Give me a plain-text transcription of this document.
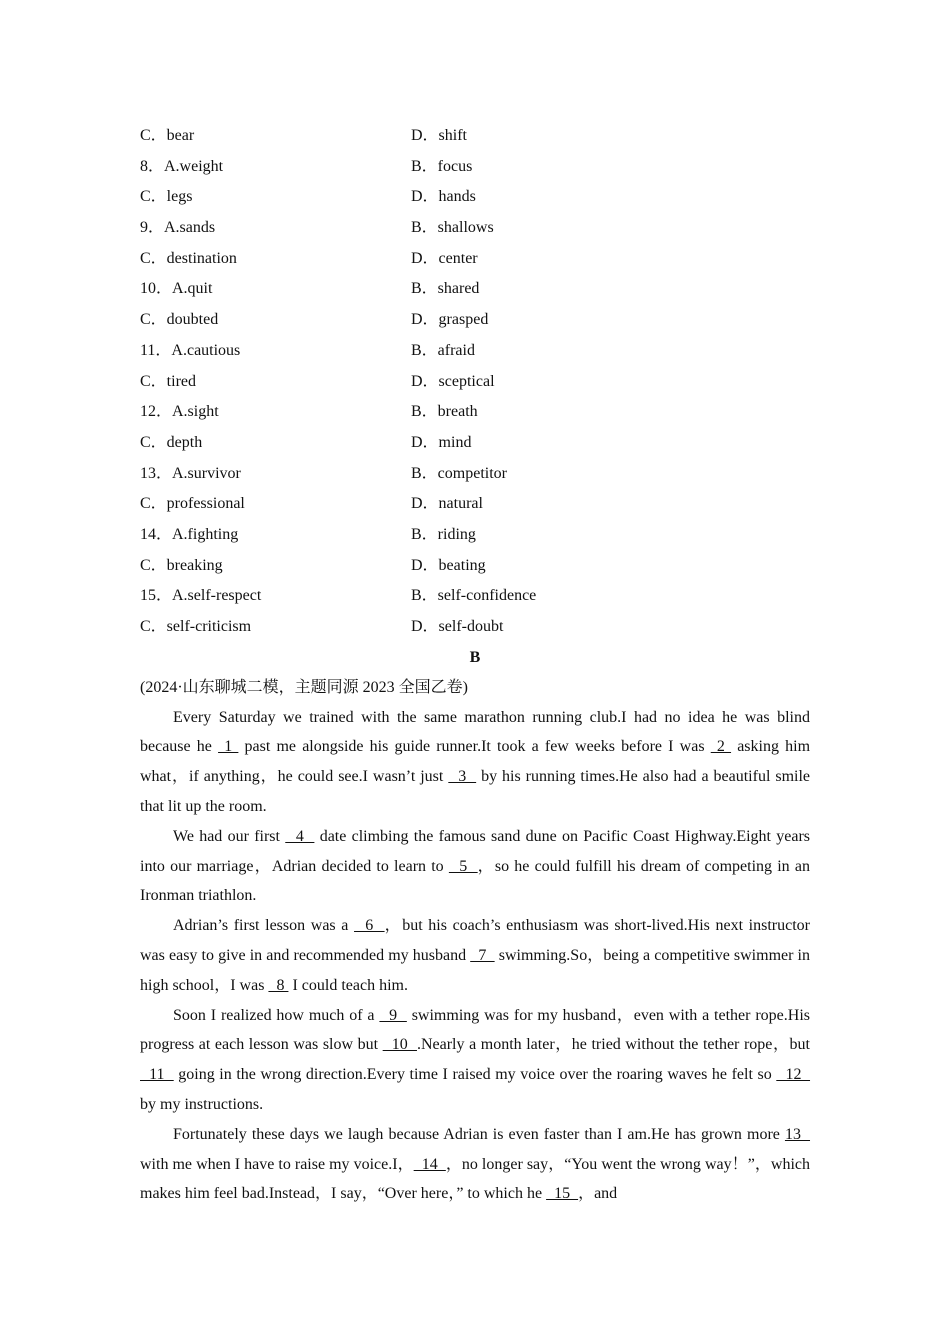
C．bear	D．shift
8．A.weight	B．focus
C．legs	D．hands
9．A.sands	B．shallows
C．destination	D．center
10．A.quit	B．shared
C．doubted	D．grasped
11．A.cautious	B．afraid
C．tired	D．sceptical
12．A.sight	B．breath
C．depth	D．mind
13．A.survivor	B．competitor
C．professional	D．natural
14．A.fighting	B．riding
C．breaking	D．beating
15．A.self-respect	B．self-confidence
C．self-criticism	D．self-doubt
B
(2024·山东聊城二模，主题同源 2023 全国乙卷)

Every Saturday we trained with the same marathon running club.I had no idea he was blind because he  1  past me alongside his guide runner.It took a few weeks before I was  2  asking him what，if anything，he could see.I wasn’t just   3   by his running times.He also had a beautiful smile that lit up the room.

We had our first   4   date climbing the famous sand dune on Pacific Coast Highway.Eight years into our marriage，Adrian decided to learn to   5  ，so he could fulfill his dream of competing in an Ironman triathlon.

Adrian’s first lesson was a   6  ，but his coach’s enthusiasm was short-lived.His next instructor was easy to give in and recommended my husband   7   swimming.So，being a competitive swimmer in high school，I was   8  I could teach him.

Soon I realized how much of a   9   swimming was for my husband，even with a tether rope.His progress at each lesson was slow but   10  .Nearly a month later，he tried without the tether rope，but   11   going in the wrong direction.Every time I raised my voice over the roaring waves he felt so   12   by my instructions.

Fortunately these days we laugh because Adrian is even faster than I am.He has grown more 13   with me when I have to raise my voice.I，  14  ，no longer say，“You went the wrong way！”，which makes him feel bad.Instead，I say，“Over here，” to which he   15  ，and
